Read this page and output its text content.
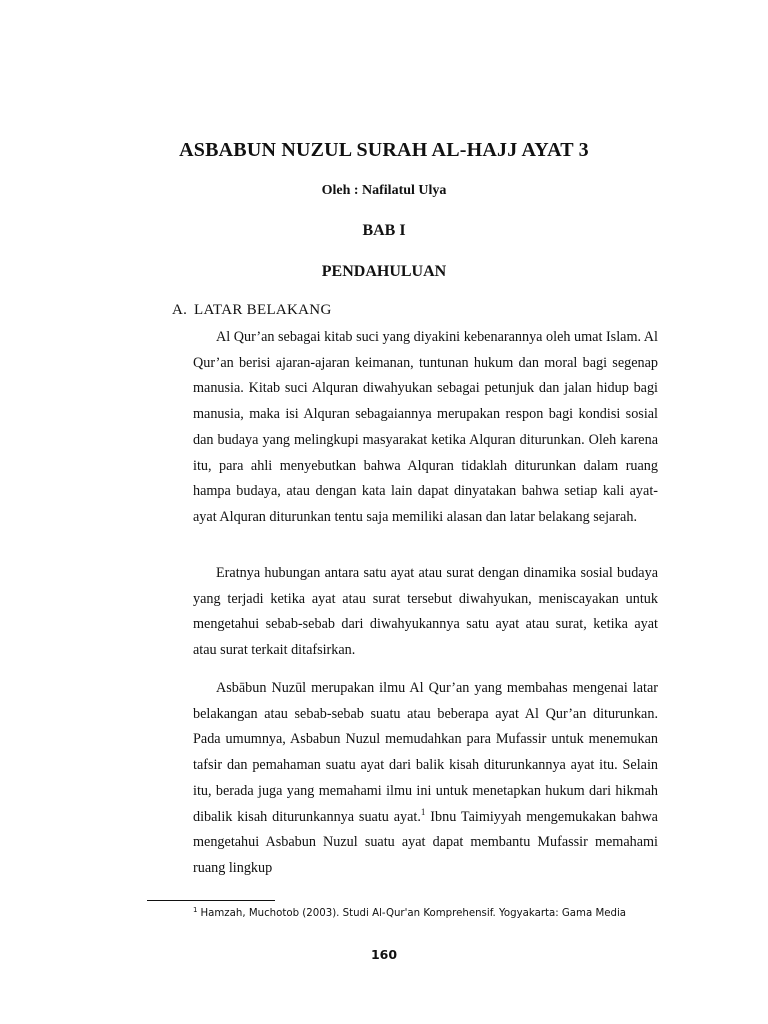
ASBABUN NUZUL SURAH AL-HAJJ AYAT 3
Oleh : Nafilatul Ulya
BAB I
PENDAHULUAN
A. LATAR BELAKANG

Al Qur’an sebagai kitab suci yang diyakini kebenarannya oleh umat Islam. Al Qur’an berisi ajaran-ajaran keimanan, tuntunan hukum dan moral bagi segenap manusia. Kitab suci Alquran diwahyukan sebagai petunjuk dan jalan hidup bagi manusia, maka isi Alquran sebagaiannya merupakan respon bagi kondisi sosial dan budaya yang melingkupi masyarakat ketika Alquran diturunkan. Oleh karena itu, para ahli menyebutkan bahwa Alquran tidaklah diturunkan dalam ruang hampa budaya, atau dengan kata lain dapat dinyatakan bahwa setiap kali ayat-ayat Alquran diturunkan tentu saja memiliki alasan dan latar belakang sejarah.

Eratnya hubungan antara satu ayat atau surat dengan dinamika sosial budaya yang terjadi ketika ayat atau surat tersebut diwahyukan, meniscayakan untuk mengetahui sebab-sebab dari diwahyukannya satu ayat atau surat, ketika ayat atau surat terkait ditafsirkan.

Asbābun Nuzūl merupakan ilmu Al Qur’an yang membahas mengenai latar belakangan atau sebab-sebab suatu atau beberapa ayat Al Qur’an diturunkan. Pada umumnya, Asbabun Nuzul memudahkan para Mufassir untuk menemukan tafsir dan pemahaman suatu ayat dari balik kisah diturunkannya ayat itu. Selain itu, berada juga yang memahami ilmu ini untuk menetapkan hukum dari hikmah dibalik kisah diturunkannya suatu ayat.$^1$ Ibnu Taimiyyah mengemukakan bahwa mengetahui Asbabun Nuzul suatu ayat dapat membantu Mufassir memahami ruang lingkup

$^1$ Hamzah, Muchotob (2003). Studi Al-Qur'an Komprehensif. Yogyakarta: Gama Media
160
